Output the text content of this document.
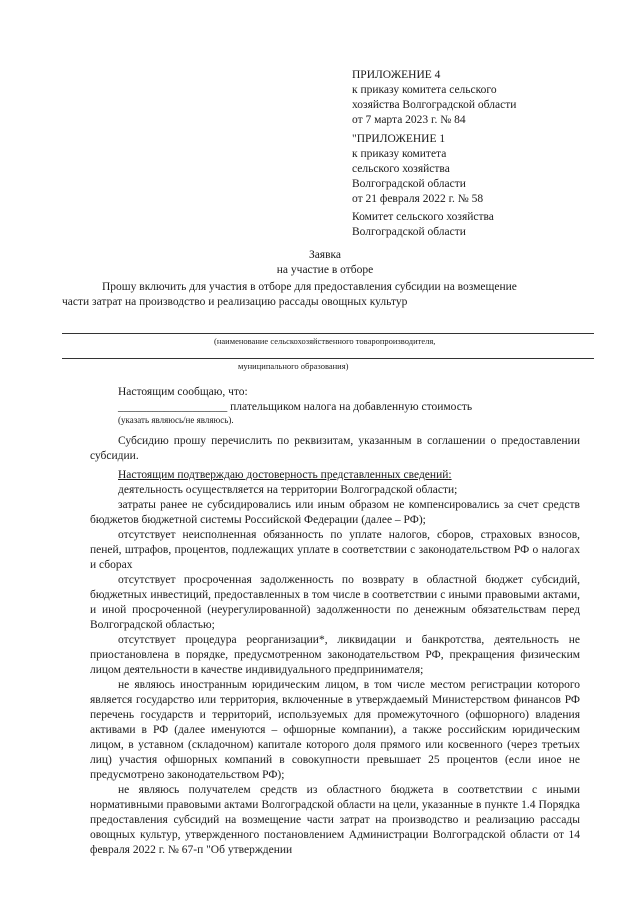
ПРИЛОЖЕНИЕ 4
к приказу комитета сельского
хозяйства Волгоградской области
от 7 марта 2023 г. № 84
"ПРИЛОЖЕНИЕ 1
к приказу комитета
сельского хозяйства
Волгоградской области
от 21 февраля 2022 г. № 58
Комитет сельского хозяйства
Волгоградской области
Заявка
на участие в отборе
Прошу включить для участия в отборе для предоставления субсидии на возмещение
части затрат на производство и реализацию рассады овощных культур
(наименование сельскохозяйственного товаропроизводителя,
муниципального образования)
Настоящим сообщаю, что:
___________________ плательщиком налога на добавленную стоимость
(указать являюсь/не являюсь).
Субсидию прошу перечислить по реквизитам, указанным в соглашении о предоставлении субсидии.
Настоящим подтверждаю достоверность представленных сведений:
деятельность осуществляется на территории Волгоградской области;
затраты ранее не субсидировались или иным образом не компенсировались за счет средств бюджетов бюджетной системы Российской Федерации (далее – РФ);
отсутствует неисполненная обязанность по уплате налогов, сборов, страховых взносов, пеней, штрафов, процентов, подлежащих уплате в соответствии с законодательством РФ о налогах и сборах
отсутствует просроченная задолженность по возврату в областной бюджет субсидий, бюджетных инвестиций, предоставленных в том числе в соответствии с иными правовыми актами, и иной просроченной (неурегулированной) задолженности по денежным обязательствам перед Волгоградской областью;
отсутствует процедура реорганизации*, ликвидации и банкротства, деятельность не приостановлена в порядке, предусмотренном законодательством РФ, прекращения физическим лицом деятельности в качестве индивидуального предпринимателя;
не являюсь иностранным юридическим лицом, в том числе местом регистрации которого является государство или территория, включенные в утверждаемый Министерством финансов РФ перечень государств и территорий, используемых для промежуточного (офшорного) владения активами в РФ (далее именуются – офшорные компании), а также российским юридическим лицом, в уставном (складочном) капитале которого доля прямого или косвенного (через третьих лиц) участия офшорных компаний в совокупности превышает 25 процентов (если иное не предусмотрено законодательством РФ);
не являюсь получателем средств из областного бюджета в соответствии с иными нормативными правовыми актами Волгоградской области на цели, указанные в пункте 1.4 Порядка предоставления субсидий на возмещение части затрат на производство и реализацию рассады овощных культур, утвержденного постановлением Администрации Волгоградской области от 14 февраля 2022 г. № 67-п "Об утверждении
